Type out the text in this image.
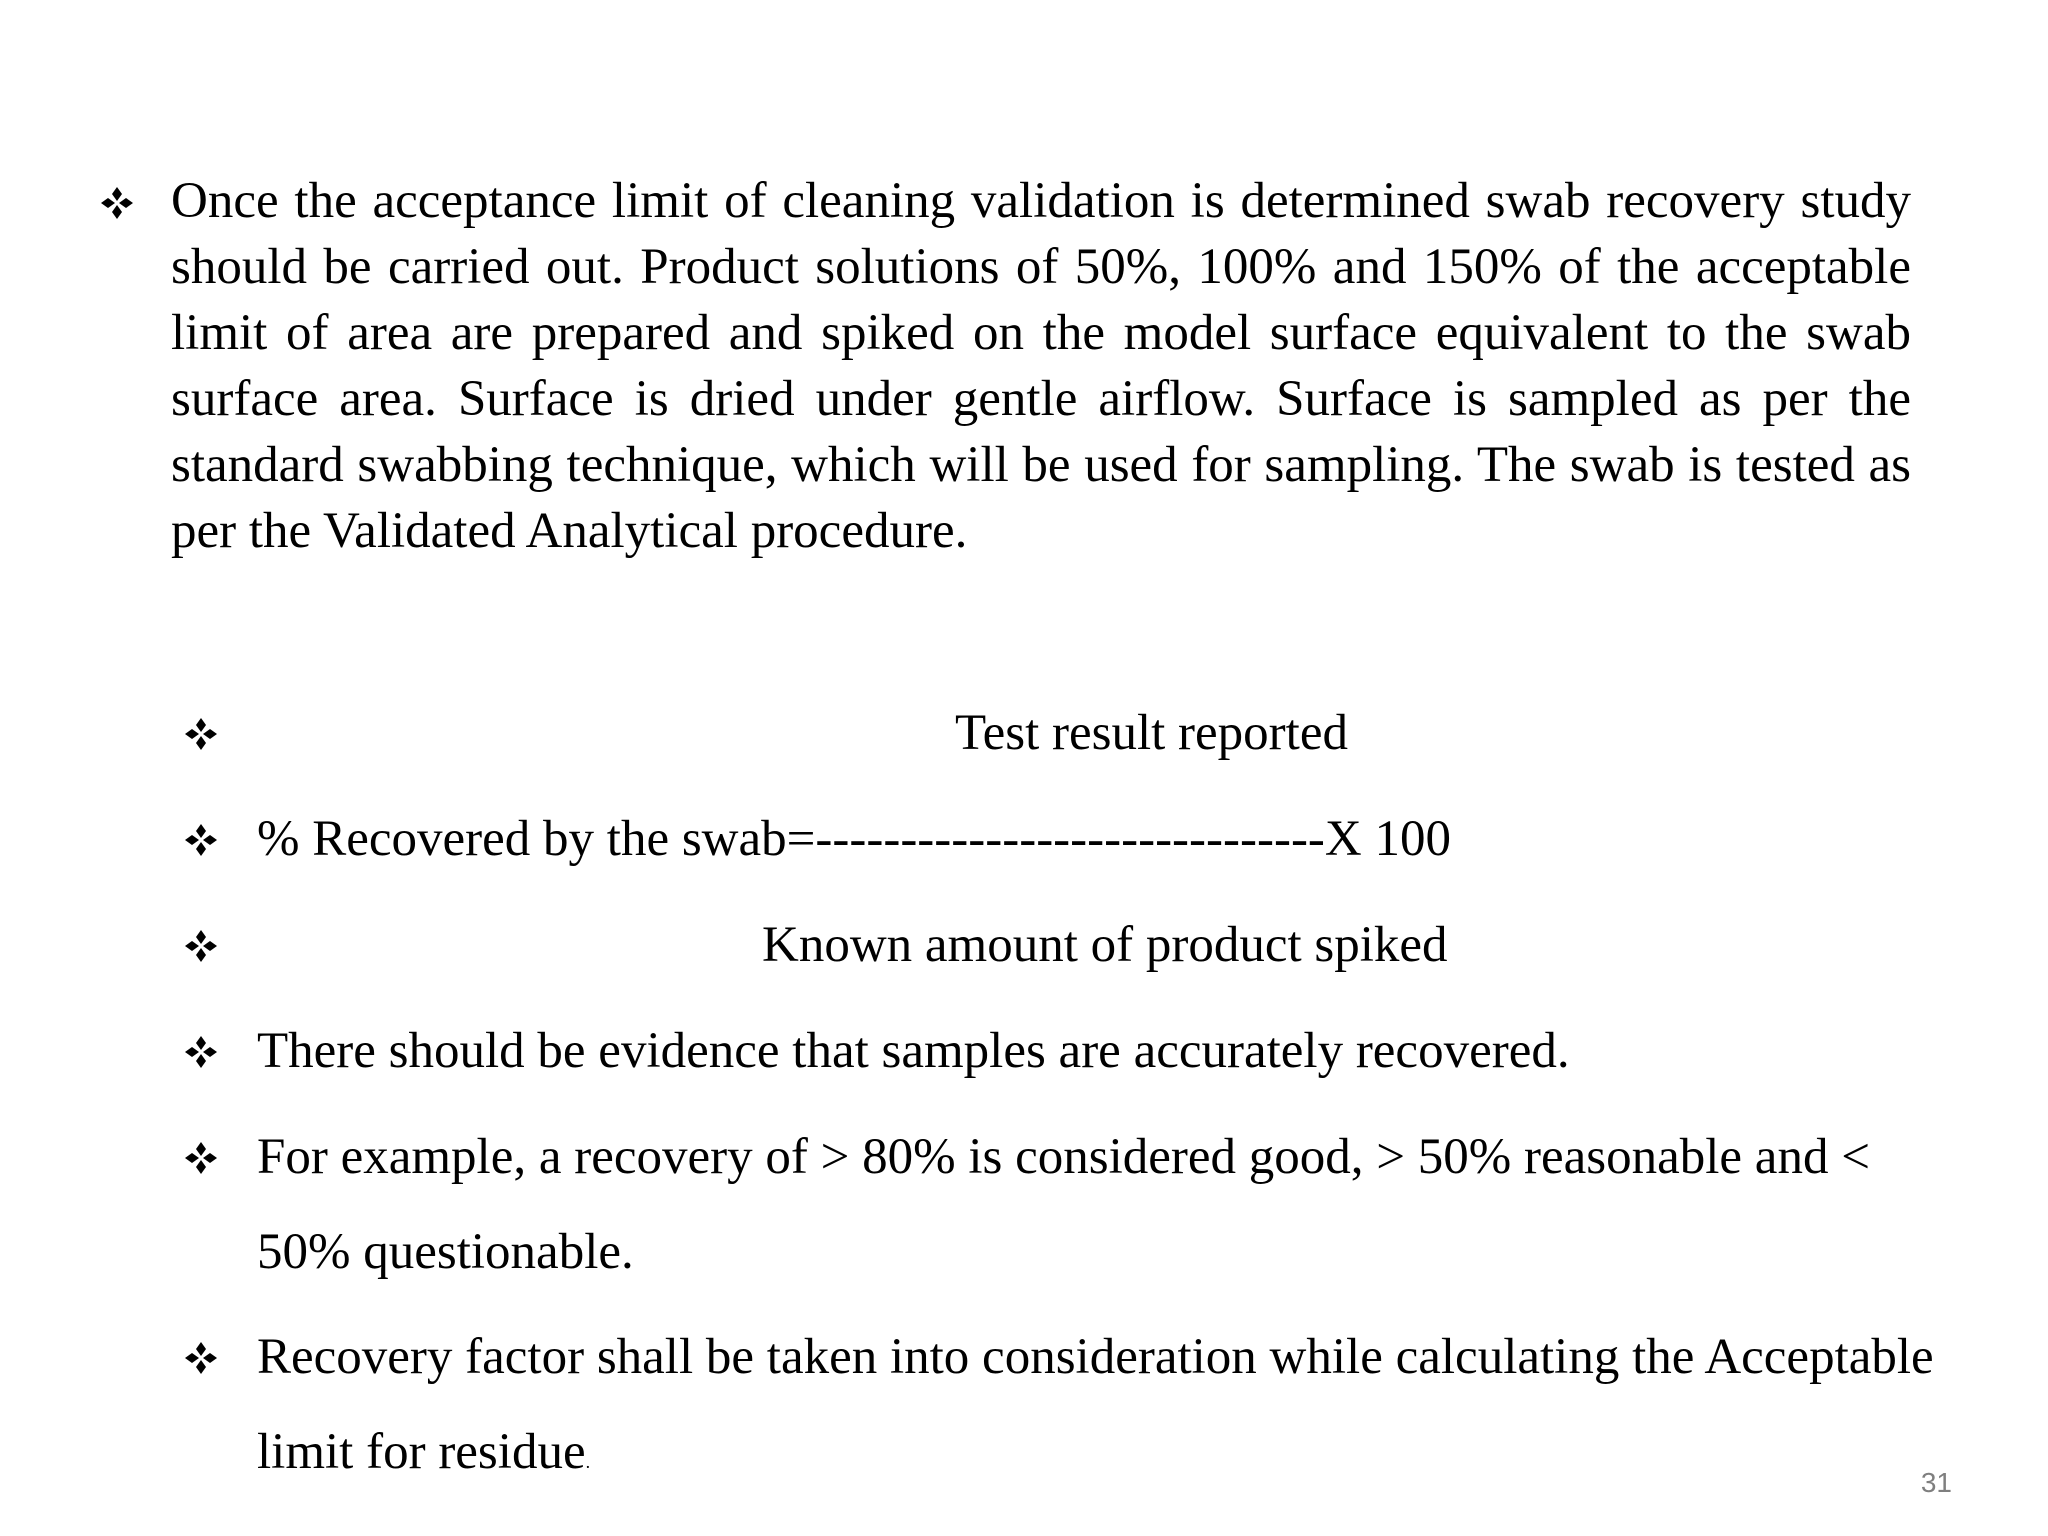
Once the acceptance limit of cleaning validation is determined swab recovery study should be carried out. Product solutions of 50%, 100% and 150% of the acceptable limit of area are prepared and spiked on the model surface equivalent to the swab surface area. Surface is dried under gentle airflow. Surface is sampled as per the standard swabbing technique, which will be used for sampling. The swab is tested as per the Validated Analytical procedure.
Test result reported
% Recovered by the swab=------------------------------X 100
Known amount of product spiked
There should be evidence that samples are accurately recovered.
For example, a recovery of > 80% is considered good, > 50% reasonable and <
50% questionable.
Recovery factor shall be taken into consideration while calculating the Acceptable
limit for residue.
31
